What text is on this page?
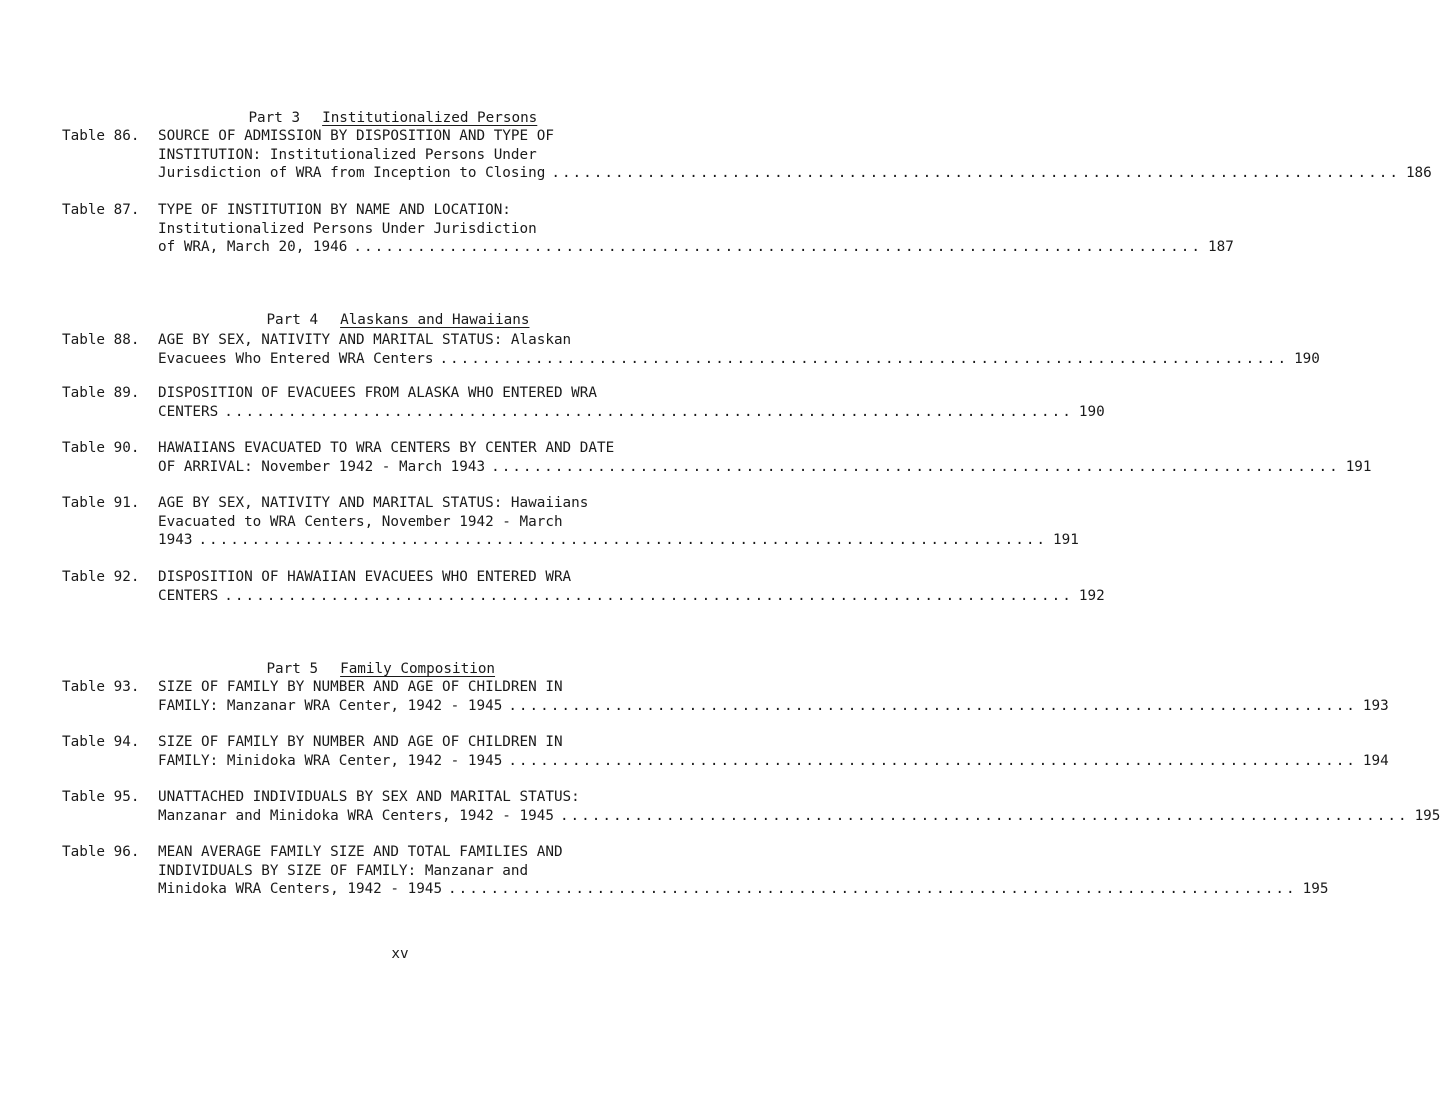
Part 3 Institutionalized Persons

Table 86. SOURCE OF ADMISSION BY DISPOSITION AND TYPE OF
INSTITUTION: Institutionalized Persons Under
Jurisdiction of WRA from Inception to Closing ................................................................................ 186
Table 87. TYPE OF INSTITUTION BY NAME AND LOCATION:
Institutionalized Persons Under Jurisdiction
of WRA, March 20, 1946 ................................................................................ 187

Part 4 Alaskans and Hawaiians

Table 88. AGE BY SEX, NATIVITY AND MARITAL STATUS: Alaskan
Evacuees Who Entered WRA Centers ................................................................................ 190
Table 89. DISPOSITION OF EVACUEES FROM ALASKA WHO ENTERED WRA
CENTERS ................................................................................ 190
Table 90. HAWAIIANS EVACUATED TO WRA CENTERS BY CENTER AND DATE
OF ARRIVAL: November 1942 - March 1943 ................................................................................ 191
Table 91. AGE BY SEX, NATIVITY AND MARITAL STATUS: Hawaiians
Evacuated to WRA Centers, November 1942 - March
1943 ................................................................................ 191
Table 92. DISPOSITION OF HAWAIIAN EVACUEES WHO ENTERED WRA
CENTERS ................................................................................ 192

Part 5 Family Composition

Table 93. SIZE OF FAMILY BY NUMBER AND AGE OF CHILDREN IN
FAMILY: Manzanar WRA Center, 1942 - 1945 ................................................................................ 193
Table 94. SIZE OF FAMILY BY NUMBER AND AGE OF CHILDREN IN
FAMILY: Minidoka WRA Center, 1942 - 1945 ................................................................................ 194
Table 95. UNATTACHED INDIVIDUALS BY SEX AND MARITAL STATUS:
Manzanar and Minidoka WRA Centers, 1942 - 1945 ................................................................................ 195
Table 96. MEAN AVERAGE FAMILY SIZE AND TOTAL FAMILIES AND
INDIVIDUALS BY SIZE OF FAMILY: Manzanar and
Minidoka WRA Centers, 1942 - 1945 ................................................................................ 195
xv
